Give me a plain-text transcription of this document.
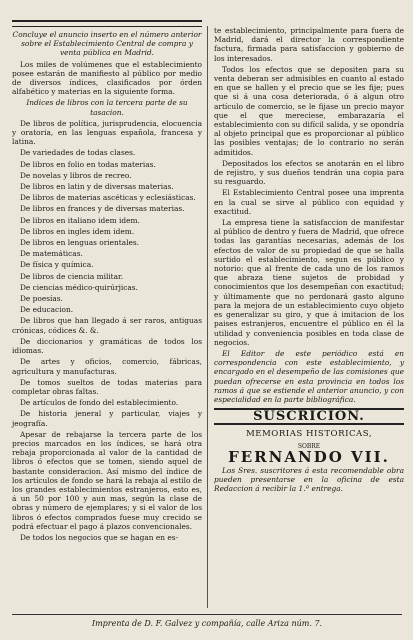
Concluye el anuncio inserto en el número anterior sobre el Establecimiento Central de compra y venta pública en Madrid.

Los miles de volúmenes que el establecimiento posee estarán de manifiesto al público por medio de diversos índices, clasificados por órden alfabético y materias en la siguiente forma.

Indices de libros con la tercera parte de su tasacion.

De libros de política, jurisprudencia, elocuencia y oratoria, en las lenguas española, francesa y latina.

De variedades de todas clases.

De libros en folio en todas materias.

De novelas y libros de recreo.

De libros en latin y de diversas materias.

De libros de materias ascéticas y eclesiásticas.

De libros en frances y de diversas materias.

De libros en italiano idem idem.

De libros en ingles idem idem.

De libros en lenguas orientales.

De matemáticas.

De física y química.

De libros de ciencia militar.

De ciencias médico-quirúrjicas.

De poesías.

De educacion.

De libros que han llegado á ser raros, antiguas crónicas, códices &. &.

De diccionarios y gramáticas de todos los idiomas.

De artes y oficios, comercio, fábricas, agricultura y manufacturas.

De tomos sueltos de todas materias para completar obras faltas.

De artículos de fondo del establecimiento.

De historia jeneral y particular, viajes y jeografía.

Apesar de rebajarse la tercera parte de los precios marcados en los índices, se hará otra rebaja proporcionada al valor de la cantidad de libros ó efectos que se tomen, siendo aquel de bastante consideracion. Así mismo del índice de los artículos de fondo se hará la rebaja al estilo de los grandes establecimientos estranjeros, esto es, á un 50 por 100 y aun mas, según la clase de obras y número de ejemplares; y si el valor de los libros ó efectos comprados fuese muy crecido se podrá efectuar el pago á plazos convencionales.

De todos los negocios que se hagan en es-

te establecimiento, principalmente para fuera de Madrid, dará el director la correspondiente factura, firmada para satisfaccion y gobierno de los interesados.

Todos los efectos que se depositen para su venta deberan ser admisibles en cuanto al estado en que se hallen y el precio que se les fije; pues que si á una cosa deteriorada, ó á algun otro artículo de comercio, se le fijase un precio mayor que el que mereciese, embarazaría el establecimiento con su difícil salida, y se opondría al objeto principal que es proporcionar al público las posibles ventajas; de lo contrario no serán admitidos.

Depositados los efectos se anotarán en el libro de rejistro, y sus dueños tendrán una copia para su resguardo.

El Establecimiento Central posee una imprenta en la cual se sirve al público con equidad y exactitud.

La empresa tiene la satisfaccion de manifestar al público de dentro y fuera de Madrid, que ofrece todas las garantías necesarias, además de los efectos de valor de su propiedad de que se halla surtido el establecimiento, segun es público y notorio: que al frente de cada uno de los ramos que abraza tiene sujetos de probidad y conocimientos que los desempeñan con exactitud; y últimamente que no perdonará gasto alguno para la mejora de un establecimiento cuyo objeto es generalizar su giro, y que á imitacion de los paises estranjeros, encuentre el público en él la utilidad y conveniencia posibles en toda clase de negocios.

El Editor de este periódico está en correspondencia con este establecimiento, y encargado en el desempeño de las comisiones que puedan ofrecerse en esta provincia en todos los ramos á que se estiende el anterior anuncio, y con especialidad en la parte bibliográfica.

SUSCRICION.
MEMORIAS HISTORICAS,
SOBRE
FERNANDO VII.

Los Sres. suscritores á esta recomendable obra pueden presentarse en la oficina de esta Redaccion á recibir la 1.ª entrega.

Imprenta de D. F. Galvez y compañía, calle Ariza núm. 7.
